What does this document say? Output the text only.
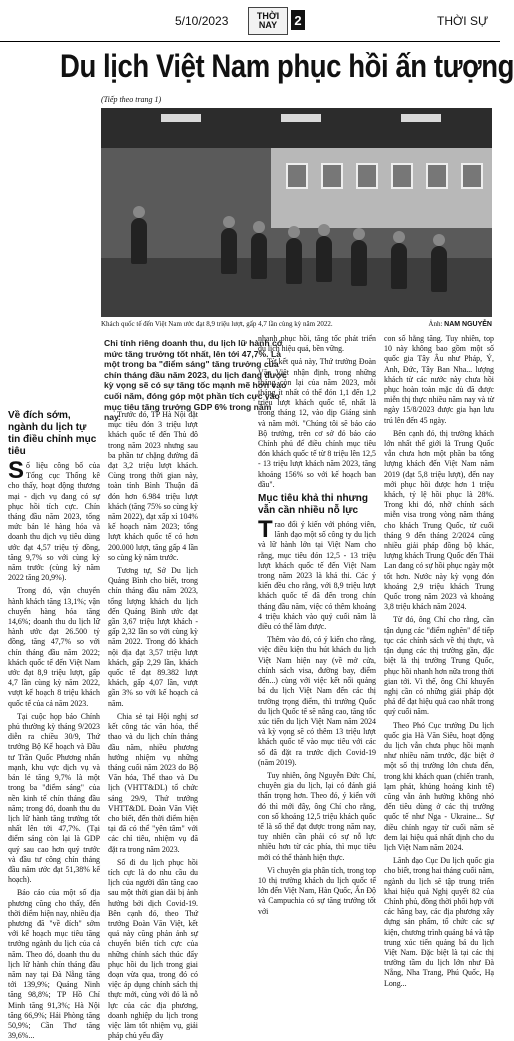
5/10/2023	THỜI NAY	2	THỜI SỰ
Du lịch Việt Nam phục hồi ấn tượng
(Tiếp theo trang 1)
Khách quốc tế đến Việt Nam ước đạt 8,9 triệu lượt, gấp 4,7 lần cùng kỳ năm 2022.	Ảnh: NAM NGUYỄN
Chỉ tính riêng doanh thu, du lịch lữ hành có mức tăng trưởng tốt nhất, lên tới 47,7%. Là một trong ba "điểm sáng" tăng trưởng của chín tháng đầu năm 2023, du lịch đang được kỳ vọng sẽ có sự tăng tốc mạnh mẽ hơn vào cuối năm, đóng góp một phần tích cực vào mục tiêu tăng trưởng GDP 6% trong năm nay.
Về đích sớm, ngành du lịch tự tin điều chỉnh mục tiêu

Số liệu công bố của Tổng cục Thống kê cho thấy, hoạt động thương mại - dịch vụ đang có sự phục hồi tích cực. Chín tháng đầu năm 2023, tổng mức bán lẻ hàng hóa và doanh thu dịch vụ tiêu dùng ước đạt 4,57 triệu tỷ đồng, tăng 9,7% so với cùng kỳ năm trước (cùng kỳ năm 2022 tăng 20,9%).

Trong đó, vận chuyển hành khách tăng 13,1%; vận chuyển hàng hóa tăng 14,6%; doanh thu du lịch lữ hành ước đạt 26.500 tỷ đồng, tăng 47,7% so với chín tháng đầu năm 2022; khách quốc tế đến Việt Nam ước đạt 8,9 triệu lượt, gấp 4,7 lần cùng kỳ năm 2022, vượt kế hoạch 8 triệu khách quốc tế của cả năm 2023.

Tại cuộc họp báo Chính phủ thường kỳ tháng 9/2023 diễn ra chiều 30/9, Thứ trưởng Bộ Kế hoạch và Đầu tư Trần Quốc Phương nhấn mạnh, khu vực dịch vụ và bán lẻ tăng 9,7% là một trong ba "điểm sáng" của nền kinh tế chín tháng đầu năm; trong đó, doanh thu du lịch lữ hành tăng trưởng tốt nhất lên tới 47,7%. (Tại điểm sáng còn lại là GDP quý sau cao hơn quý trước và đầu tư công chín tháng đầu năm ước đạt 51,38% kế hoạch).

Báo cáo của một số địa phương cũng cho thấy, đến thời điểm hiện nay, nhiều địa phương đã "về đích" sớm với kế hoạch mục tiêu tăng trưởng ngành du lịch của cả năm. Theo đó, doanh thu du lịch lữ hành chín tháng đầu năm nay tại Đà Nẵng tăng tới 139,9%; Quảng Ninh tăng 98,8%; TP Hồ Chí Minh tăng 91,3%; Hà Nội tăng 66,9%; Hải Phòng tăng 50,9%; Cần Thơ tăng 39,6%...

Trước đó, TP Hà Nội đặt mục tiêu đón 3 triệu lượt khách quốc tế đến Thủ đô trong năm 2023 nhưng sau ba phần tư chặng đường đã đạt 3,2 triệu lượt khách. Cùng trong thời gian này, toàn tỉnh Bình Thuận đã đón hơn 6.984 triệu lượt khách (tăng 75% so cùng kỳ năm 2022), đạt xấp xỉ 104% kế hoạch năm 2023; tổng lượt khách quốc tế có hơn 200.000 lượt, tăng gấp 4 lần so cùng kỳ năm trước.

Tương tự, Sở Du lịch Quảng Bình cho biết, trong chín tháng đầu năm 2023, tổng lượng khách du lịch đến Quảng Bình ước đạt gần 3,67 triệu lượt khách - gấp 2,32 lần so với cùng kỳ năm 2022. Trong đó khách nội địa đạt 3,57 triệu lượt khách, gấp 2,29 lần, khách quốc tế đạt 89.382 lượt khách, gấp 4,07 lần, vượt gần 3% so với kế hoạch cả năm.

Chia sẻ tại Hội nghị sơ kết công tác văn hóa, thể thao và du lịch chín tháng đầu năm, nhiều phương hướng nhiệm vụ những tháng cuối năm 2023 do Bộ Văn hóa, Thể thao và Du lịch (VHTT&DL) tổ chức sáng 29/9, Thứ trưởng VHTT&DL Đoàn Văn Việt cho biết, đến thời điểm hiện tại đã có thể "yên tâm" với các chỉ tiêu, nhiệm vụ đã đặt ra trong năm 2023.

Số đi du lịch phục hồi tích cực là do nhu cầu du lịch của người dân tăng cao sau một thời gian dài bị ảnh hưởng bởi dịch Covid-19. Bên cạnh đó, theo Thứ trưởng Đoàn Văn Việt, kết quả này cũng phản ánh sự chuyển biến tích cực của những chính sách thúc đẩy phục hồi du lịch trong giai đoạn vừa qua, trong đó có việc áp dụng chính sách thị thực mới, cùng với đó là nỗ lực của các địa phương, doanh nghiệp du lịch trong việc làm tốt nhiệm vụ, giải pháp chủ yếu đầy

nhanh phục hồi, tăng tốc phát triển du lịch hiệu quả, bền vững.

Từ kết quả này, Thứ trưởng Đoàn Văn Việt nhận định, trong những tháng còn lại của năm 2023, mỗi tháng ít nhất có thể đón 1,1 đến 1,2 triệu lượt khách quốc tế, nhất là trong tháng 12, vào dịp Giáng sinh và năm mới. "Chúng tôi sẽ báo cáo Bộ trưởng, trên cơ sở đó báo cáo Chính phủ để điều chỉnh mục tiêu đón khách quốc tế từ 8 triệu lên 12,5 - 13 triệu lượt khách năm 2023, tăng khoảng 156% so với kế hoạch ban đầu".

Mục tiêu khả thi nhưng vẫn cần nhiều nỗ lực

Trao đổi ý kiến với phóng viên, lãnh đạo một số công ty du lịch và lữ hành lớn tại Việt Nam cho rằng, mục tiêu đón 12,5 - 13 triệu lượt khách quốc tế đến Việt Nam trong năm 2023 là khả thi. Các ý kiến đều cho rằng, với 8,9 triệu lượt khách quốc tế đã đến trong chín tháng đầu năm, việc có thêm khoảng 4 triệu khách vào quý cuối năm là điều có thể làm được.

Thêm vào đó, có ý kiến cho rằng, việc điều kiện thu hút khách du lịch Việt Nam hiện nay (về mở cửa, chính sách visa, đường bay, điểm đến...) cùng với việc kết nối quảng bá du lịch Việt Nam đến các thị trường trọng điểm, thì trưởng Quốc du lịch Quốc tế sẽ nâng cao, tăng tốc xúc tiến du lịch Việt Nam năm 2024 và kỳ vọng sẽ có thêm 13 triệu lượt khách quốc tế vào mục tiêu với các số đã đặt ra trước dịch Covid-19 (năm 2019).

Tuy nhiên, ông Nguyễn Đức Chí, chuyên gia du lịch, lại có đánh giá thẩn trọng hơn. Theo đó, ý kiến với đó thì mới đây, ông Chí cho rằng, con số khoảng 12,5 triệu khách quốc tế là số thể đạt được trong năm nay, tuy nhiên cần phải có sự nỗ lực nhiều hơn từ các phía, thì mục tiêu mới có thể thành hiện thực.

Vì chuyên gia phân tích, trong top 10 thị trường khách du lịch quốc tế lớn đến Việt Nam, Hàn Quốc, Ấn Độ và Campuchia có sự tăng trưởng tốt với

con số hằng tăng. Tuy nhiên, top 10 này không bao gồm một số quốc gia Tây Âu như Pháp, Ý, Anh, Đức, Tây Ban Nha... lượng khách từ các nước này chưa hồi phục hoàn toàn mặc dù đã được miễn thị thực nhiều năm nay và từ ngày 15/8/2023 được gia hạn lưu trú lên đến 45 ngày.

Bên cạnh đó, thị trường khách lớn nhất thế giới là Trung Quốc vẫn chưa hơn một phần ba tổng lượng khách đến Việt Nam năm 2019 (đạt 5,8 triệu lượt), đến nay mới phục hồi được hơn 1 triệu khách, tỷ lệ hồi phục là 28%. Trong khi đó, nhờ chính sách miễn visa trong vòng năm tháng cho khách Trung Quốc, từ cuối tháng 9 đến tháng 2/2024 cũng nhiều giải pháp đồng bộ khác, lượng khách Trung Quốc đến Thái Lan đang có sự hồi phục ngày một tốt hơn. Nước này kỳ vọng đón khoảng 2,9 triệu khách Trung Quốc trong năm 2023 và khoảng 3,8 triệu khách năm 2024.

Từ đó, ông Chí cho rằng, cần tận dụng các "điểm nghẽn" để tiếp tục các chính sách về thị thực, và tận dụng các thị trường gần, đặc biệt là thị trường Trung Quốc, phục hồi nhanh hơn nữa trong thời gian tới. Vì thế, ông Chí khuyến nghị cần có những giải pháp đột phá để đạt hiệu quả cao nhất trong quý cuối năm.

Theo Phó Cục trưởng Du lịch quốc gia Hà Văn Siêu, hoạt động du lịch vẫn chưa phục hồi mạnh như nhiều năm trước, đặc biệt ở một số thị trường lớn chưa đến, trong khi khách quan (chiến tranh, lạm phát, khủng hoảng kinh tế) cũng vẫn ảnh hưởng không nhỏ đến tiêu dùng ở các thị trường quốc tế như Nga - Ukraine... Sự điều chỉnh ngay từ cuối năm sẽ đem lại hiệu quả nhất định cho du lịch Việt Nam năm 2024.

Lãnh đạo Cục Du lịch quốc gia cho biết, trong hai tháng cuối năm, ngành du lịch sẽ tập trung triển khai hiệu quả Nghị quyết 82 của Chính phủ, đồng thời phối hợp với các hãng bay, các địa phương xây dựng sản phẩm, tổ chức các sự kiện, chương trình quảng bá và tập trung xúc tiến quảng bá du lịch Việt Nam. Đặc biệt là tại các thị trường tầm du lịch lớn như Đà Nẵng, Nha Trang, Phú Quốc, Hạ Long...
